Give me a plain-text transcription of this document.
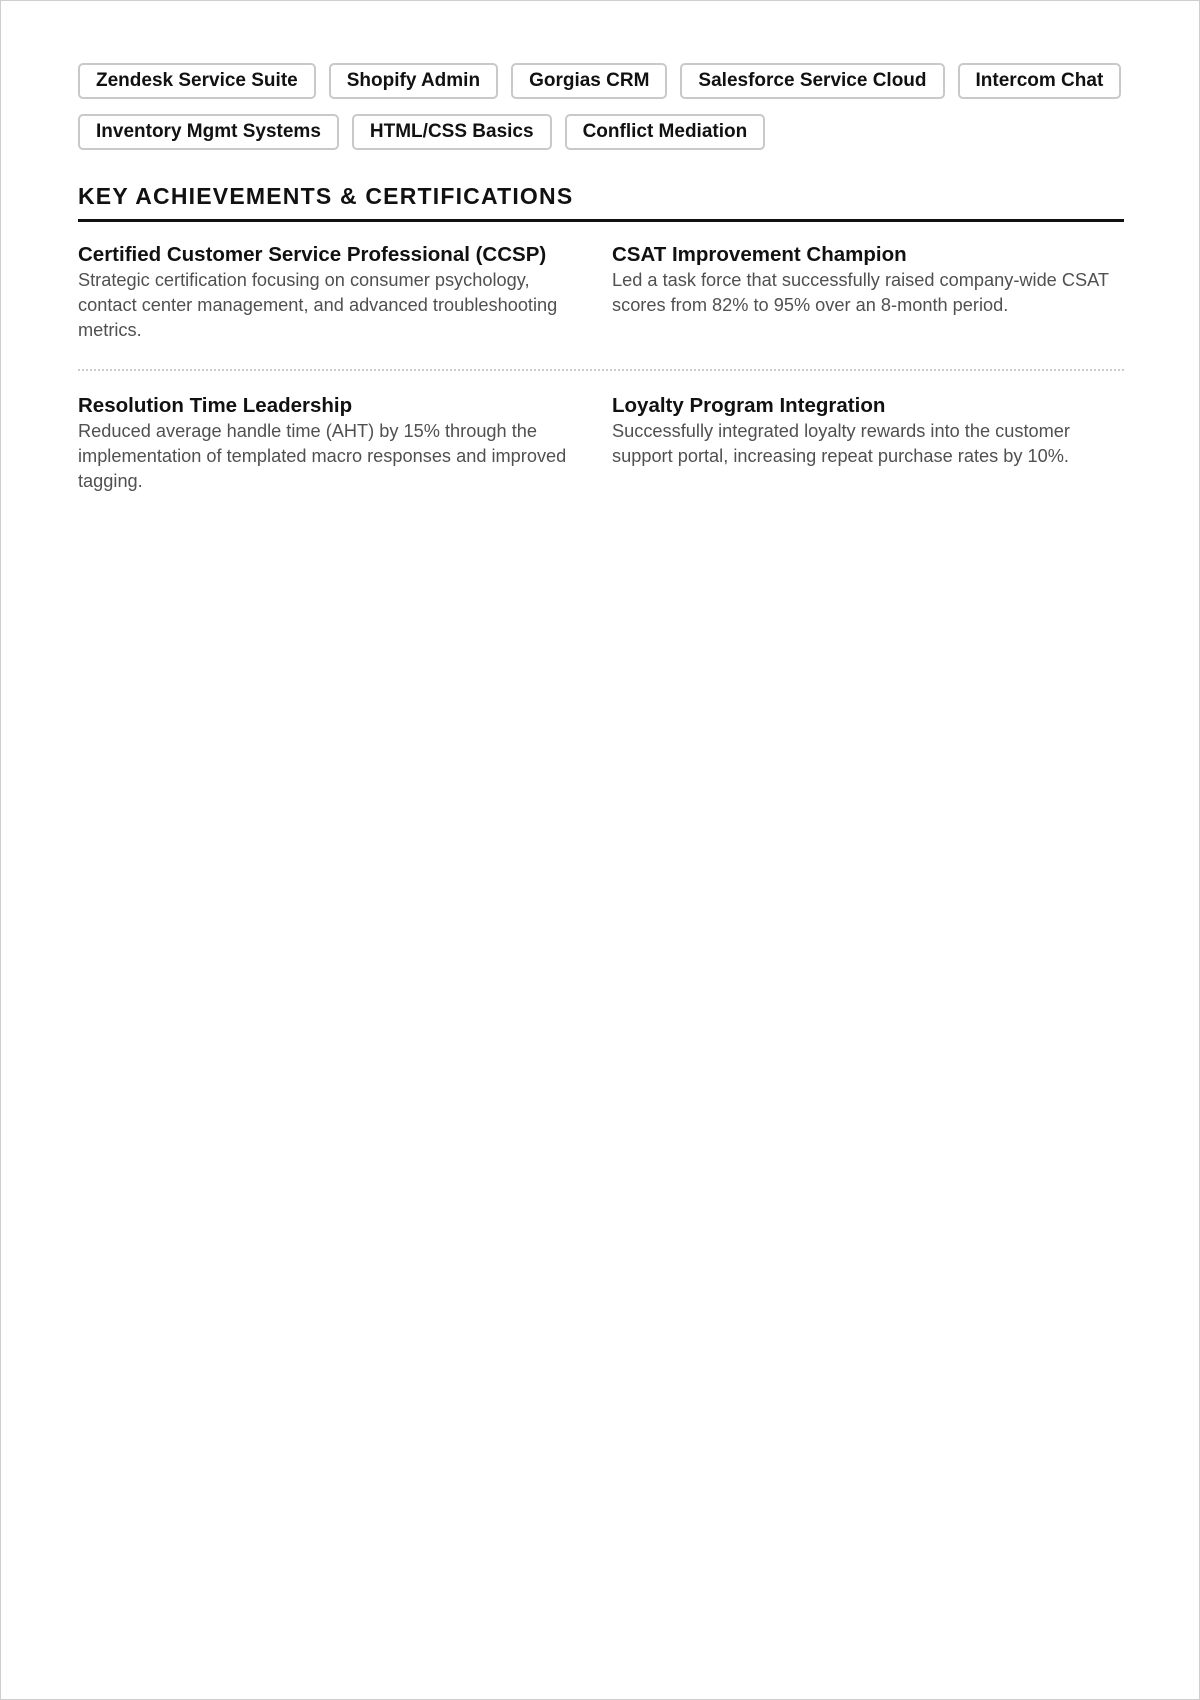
Zendesk Service Suite	Shopify Admin	Gorgias CRM	Salesforce Service Cloud	Intercom Chat
Inventory Mgmt Systems	HTML/CSS Basics	Conflict Mediation
KEY ACHIEVEMENTS & CERTIFICATIONS
Certified Customer Service Professional (CCSP)

Strategic certification focusing on consumer psychology, contact center management, and advanced troubleshooting metrics.

CSAT Improvement Champion

Led a task force that successfully raised company-wide CSAT scores from 82% to 95% over an 8-month period.

Resolution Time Leadership

Reduced average handle time (AHT) by 15% through the implementation of templated macro responses and improved tagging.

Loyalty Program Integration

Successfully integrated loyalty rewards into the customer support portal, increasing repeat purchase rates by 10%.
